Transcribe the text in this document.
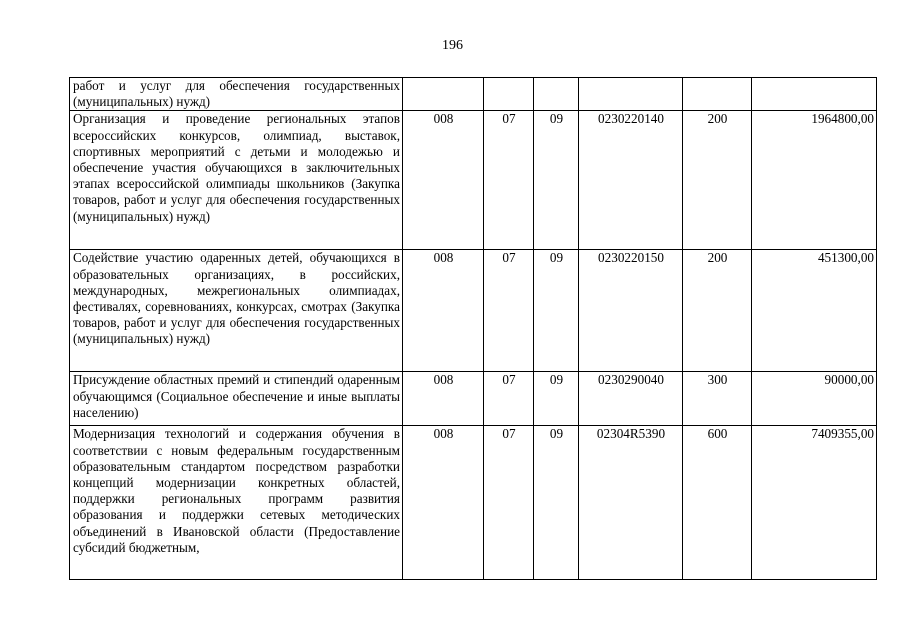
196
работ и услуг для обеспечения государственных (муниципальных) нужд)						
Организация и проведение региональных этапов всероссийских конкурсов, олимпиад, выставок, спортивных мероприятий с детьми и молодежью и обеспечение участия обучающихся в заключительных этапах всероссийской олимпиады школьников (Закупка товаров, работ и услуг для обеспечения государственных (муниципальных) нужд)	008	07	09	0230220140	200	1964800,00
Содействие участию одаренных детей, обучающихся в образовательных организациях, в российских, международных, межрегиональных олимпиадах, фестивалях, соревнованиях, конкурсах, смотрах (Закупка товаров, работ и услуг для обеспечения государственных (муниципальных) нужд)	008	07	09	0230220150	200	451300,00
Присуждение областных премий и стипендий одаренным обучающимся (Социальное обеспечение и иные выплаты населению)	008	07	09	0230290040	300	90000,00
Модернизация технологий и содержания обучения в соответствии с новым федеральным государственным образовательным стандартом посредством разработки концепций модернизации конкретных областей, поддержки региональных программ развития образования и поддержки сетевых методических объединений в Ивановской области (Предоставление субсидий бюджетным,	008	07	09	02304R5390	600	7409355,00
